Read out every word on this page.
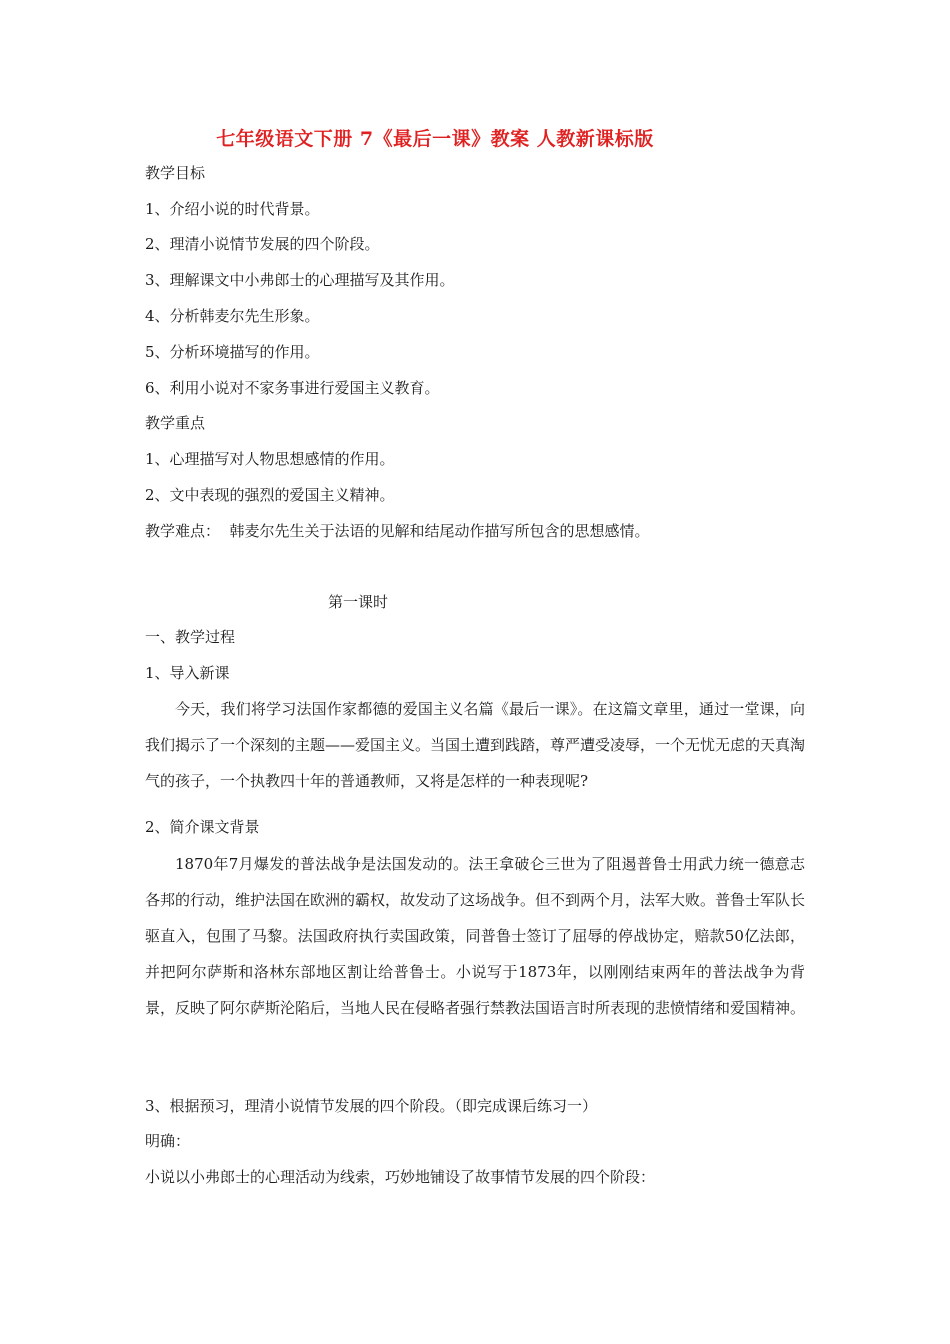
七年级语文下册 7《最后一课》教案 人教新课标版
教学目标
1、介绍小说的时代背景。
2、理清小说情节发展的四个阶段。
3、理解课文中小弗郎士的心理描写及其作用。
4、分析韩麦尔先生形象。
5、分析环境描写的作用。
6、利用小说对不家务事进行爱国主义教育。
教学重点
1、心理描写对人物思想感情的作用。
2、文中表现的强烈的爱国主义精神。
教学难点：  韩麦尔先生关于法语的见解和结尾动作描写所包含的思想感情。
第一课时
一、教学过程
1、导入新课
今天，我们将学习法国作家都德的爱国主义名篇《最后一课》。在这篇文章里，通过一堂课，向我们揭示了一个深刻的主题——爱国主义。当国土遭到践踏，尊严遭受凌辱，一个无忧无虑的天真淘气的孩子，一个执教四十年的普通教师，又将是怎样的一种表现呢?
2、简介课文背景
1870年7月爆发的普法战争是法国发动的。法王拿破仑三世为了阻遏普鲁士用武力统一德意志各邦的行动，维护法国在欧洲的霸权，故发动了这场战争。但不到两个月，法军大败。普鲁士军队长驱直入，包围了马黎。法国政府执行卖国政策，同普鲁士签订了屈辱的停战协定，赔款50亿法郎，并把阿尔萨斯和洛林东部地区割让给普鲁士。小说写于1873年，以刚刚结束两年的普法战争为背景，反映了阿尔萨斯沦陷后，当地人民在侵略者强行禁教法国语言时所表现的悲愤情绪和爱国精神。
3、根据预习，理清小说情节发展的四个阶段。（即完成课后练习一）
明确：
小说以小弗郎士的心理活动为线索，巧妙地铺设了故事情节发展的四个阶段：
